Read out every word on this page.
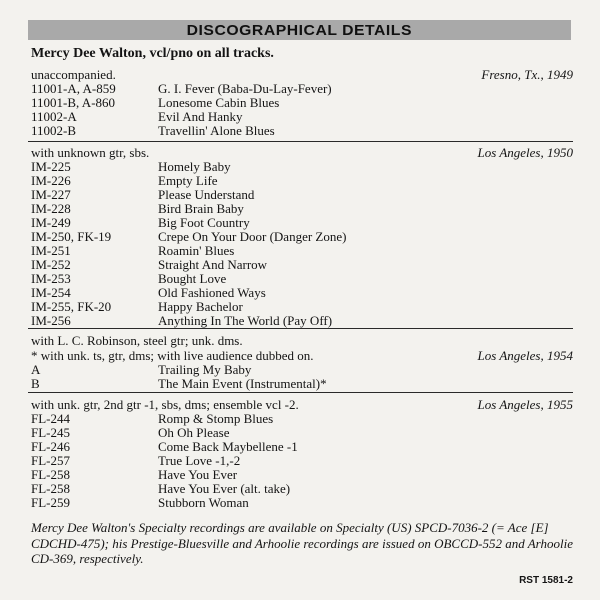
DISCOGRAPHICAL DETAILS
Mercy Dee Walton, vcl/pno on all tracks.
unaccompanied.	Fresno, Tx., 1949
11001-A, A-859	G. I. Fever (Baba-Du-Lay-Fever)
11001-B, A-860	Lonesome Cabin Blues
11002-A	Evil And Hanky
11002-B	Travellin' Alone Blues
with unknown gtr, sbs.	Los Angeles, 1950
IM-225	Homely Baby
IM-226	Empty Life
IM-227	Please Understand
IM-228	Bird Brain Baby
IM-249	Big Foot Country
IM-250, FK-19	Crepe On Your Door (Danger Zone)
IM-251	Roamin' Blues
IM-252	Straight And Narrow
IM-253	Bought Love
IM-254	Old Fashioned Ways
IM-255, FK-20	Happy Bachelor
IM-256	Anything In The World (Pay Off)
with L. C. Robinson, steel gtr; unk. dms.
* with unk. ts, gtr, dms; with live audience dubbed on.	Los Angeles, 1954
A	Trailing My Baby
B	The Main Event (Instrumental)*
with unk. gtr, 2nd gtr -1, sbs, dms; ensemble vcl -2.	Los Angeles, 1955
FL-244	Romp & Stomp Blues
FL-245	Oh Oh Please
FL-246	Come Back Maybellene -1
FL-257	True Love -1,-2
FL-258	Have You Ever
FL-258	Have You Ever (alt. take)
FL-259	Stubborn Woman
Mercy Dee Walton's Specialty recordings are available on Specialty (US) SPCD-7036-2 (= Ace [E] CDCHD-475); his Prestige-Bluesville and Arhoolie recordings are issued on OBCCD-552 and Arhoolie CD-369, respectively.
RST 1581-2
